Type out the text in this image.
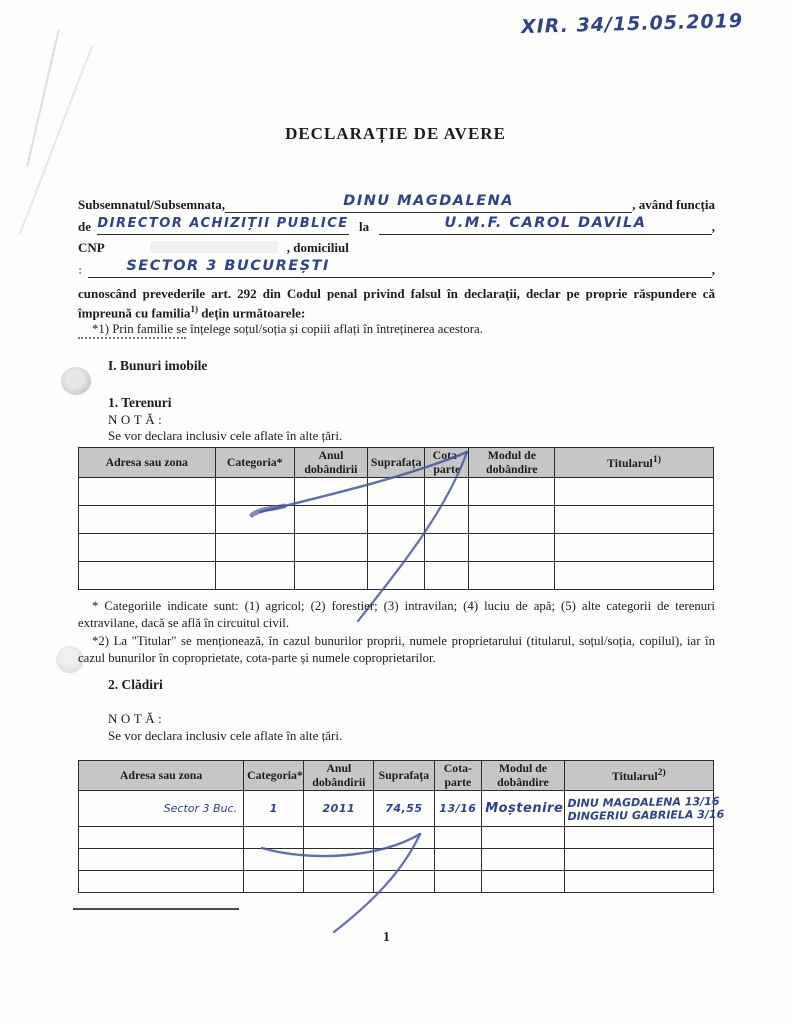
XIR. 34/15.05.2019
DECLARAȚIE DE AVERE
Subsemnatul/Subsemnata,	DINU MAGDALENA	, având funcția
de DIRECTOR ACHIZIȚII PUBLICE la	U.M.F. CAROL DAVILA	,
CNP	, domiciliul
:	SECTOR 3 BUCUREȘTI	,

cunoscând prevederile art. 292 din Codul penal privind falsul în declarații, declar pe proprie răspundere că împreună cu familia$^{1)}$ dețin următoarele:

*1) Prin familie se înțelege soțul/soția și copiii aflați în întreținerea acestora.
I. Bunuri imobile
1. Terenuri
NOTĂ:
Se vor declara inclusiv cele aflate în alte țări.
Adresa sau zona	Categoria*	Anul dobândirii	Suprafața	Cota- parte	Modul de dobândire	Titularul$^{1)}$

* Categoriile indicate sunt: (1) agricol; (2) forestier; (3) intravilan; (4) luciu de apă; (5) alte categorii de terenuri extravilane, dacă se află în circuitul civil.

*2) La "Titular" se menționează, în cazul bunurilor proprii, numele proprietarului (titularul, soțul/soția, copilul), iar în cazul bunurilor în coproprietate, cota-parte și numele coproprietarilor.

2. Clădiri
NOTĂ:
Se vor declara inclusiv cele aflate în alte țări.
Adresa sau zona	Categoria*	Anul dobândirii	Suprafața	Cota- parte	Modul de dobândire	Titularul$^{2)}$
Sector 3 Buc.	1	2011	74,55	13/16	Moștenire	DINU MAGDALENA 13/16
DINGERIU GABRIELA 3/16

1
